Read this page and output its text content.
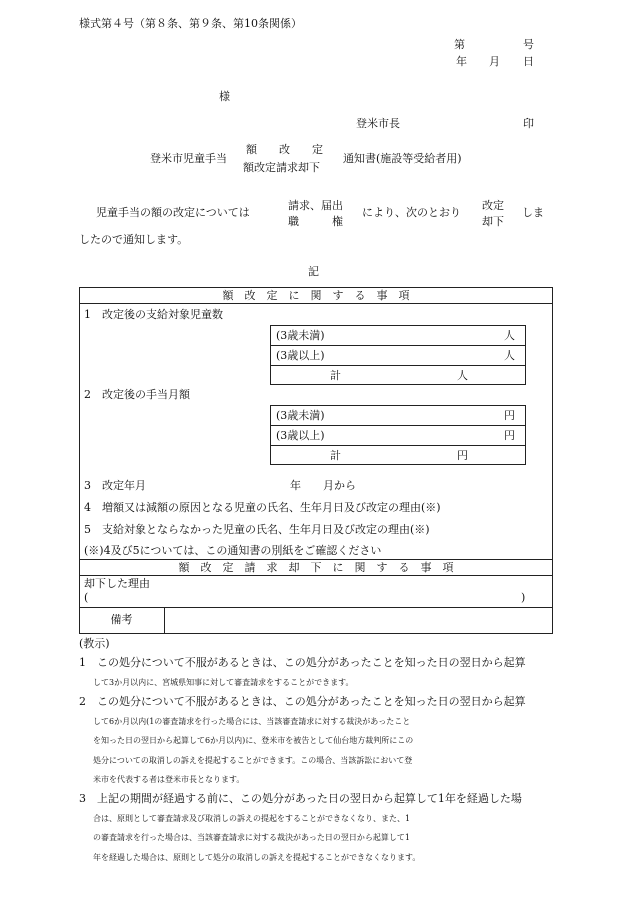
様式第４号（第８条、第９条、第10条関係）
第	号
年 月 日
様
登米市長	印
登米市児童手当
額　　改　　定
額改定請求却下
通知書(施設等受給者用)
児童手当の額の改定については
請求、届出
職　　　権
により、次のとおり
改定
却下
しま
したので通知します。
記
額　改　定　に　関　す　る　事　項
1　改定後の支給対象児童数
(3歳未満)	人
(3歳以上)	人
計	人
2　改定後の手当月額
(3歳未満)	円
(3歳以上)	円
計	円
3　改定年月	年　　月から
4　増額又は減額の原因となる児童の氏名、生年月日及び改定の理由(※)
5　支給対象とならなかった児童の氏名、生年月日及び改定の理由(※)
(※)4及び5については、この通知書の別紙をご確認ください
額　改　定　請　求　却　下　に　関　す　る　事　項
却下した理由
(	)
備考
(教示)
1　この処分について不服があるときは、この処分があったことを知った日の翌日から起算
して3か月以内に、宮城県知事に対して審査請求をすることができます。
2　この処分について不服があるときは、この処分があったことを知った日の翌日から起算
して6か月以内(1の審査請求を行った場合には、当該審査請求に対する裁決があったこと
を知った日の翌日から起算して6か月以内)に、登米市を被告として仙台地方裁判所にこの
処分についての取消しの訴えを提起することができます。この場合、当該訴訟において登
米市を代表する者は登米市長となります。
3　上記の期間が経過する前に、この処分があった日の翌日から起算して1年を経過した場
合は、原則として審査請求及び取消しの訴えの提起をすることができなくなり、また、1
の審査請求を行った場合は、当該審査請求に対する裁決があった日の翌日から起算して1
年を経過した場合は、原則として処分の取消しの訴えを提起することができなくなります。
